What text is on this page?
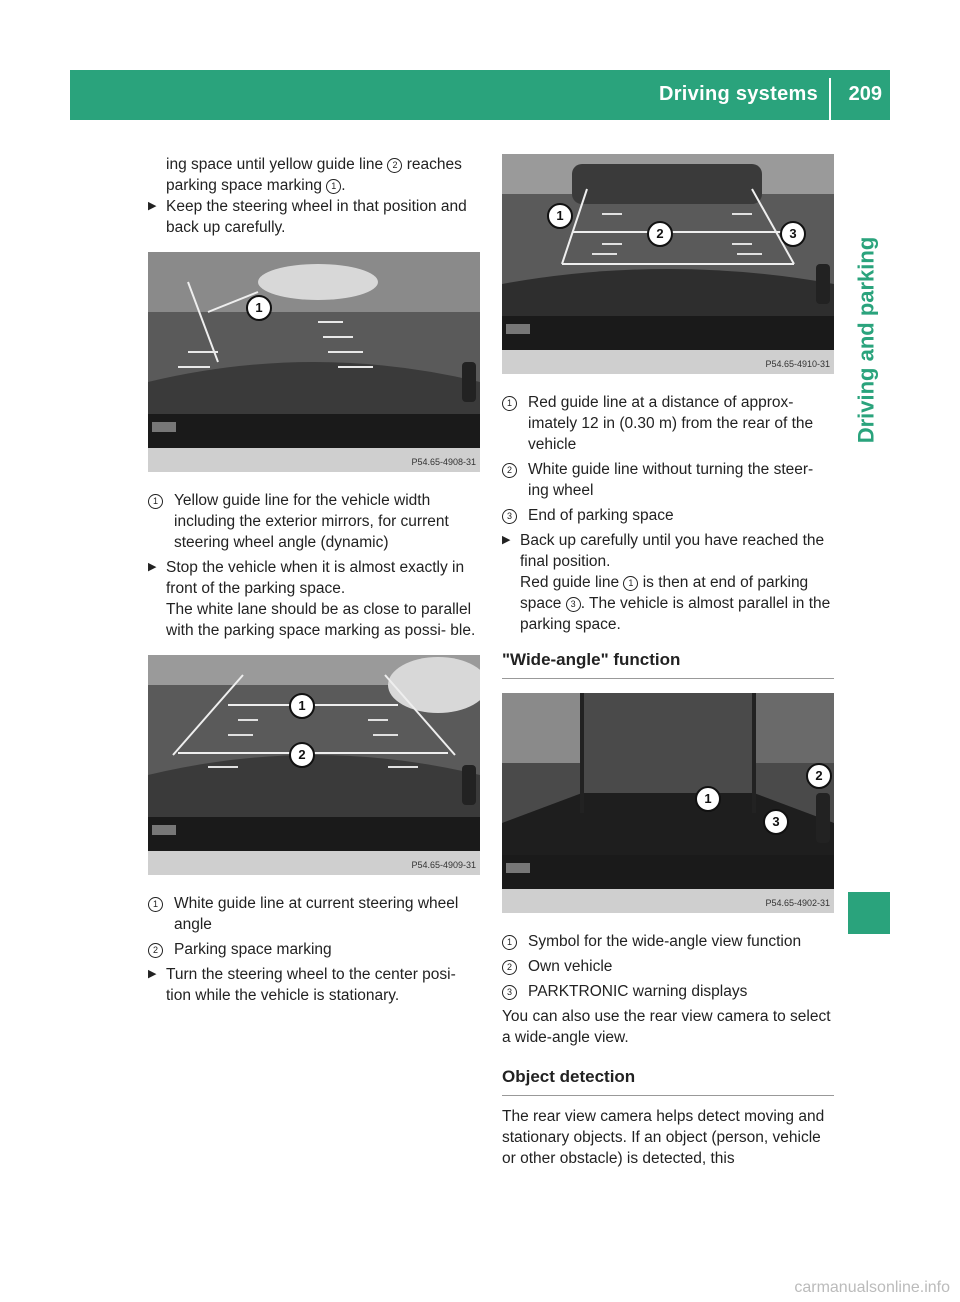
Driving systems 209
Driving and parking

ing space until yellow guide line 2 reaches parking space marking 1 .

▶ Keep the steering wheel in that position and back up carefully.
1
P54.65-4908-31
1	Yellow guide line for the vehicle width including the exterior mirrors, for current steering wheel angle (dynamic)
▶ Stop the vehicle when it is almost exactly in front of the parking space.
The white lane should be as close to parallel with the parking space marking as possi- ble.
1
2
P54.65-4909-31
1	White guide line at current steering wheel angle
2	Parking space marking
▶ Turn the steering wheel to the center posi- tion while the vehicle is stationary.
1
2	3
P54.65-4910-31
1	Red guide line at a distance of approx- imately 12 in (0.30 m) from the rear of the vehicle
2	White guide line without turning the steer- ing wheel
3	End of parking space
▶ Back up carefully until you have reached the final position.
Red guide line 1 is then at end of parking space 3 . The vehicle is almost parallel in the parking space.
"Wide-angle" function
1
2
3
P54.65-4902-31
1	Symbol for the wide-angle view function
2	Own vehicle
3	PARKTRONIC warning displays
You can also use the rear view camera to select a wide-angle view.
Object detection
The rear view camera helps detect moving and stationary objects. If an object (person, vehicle or other obstacle) is detected, this
carmanualsonline.info
